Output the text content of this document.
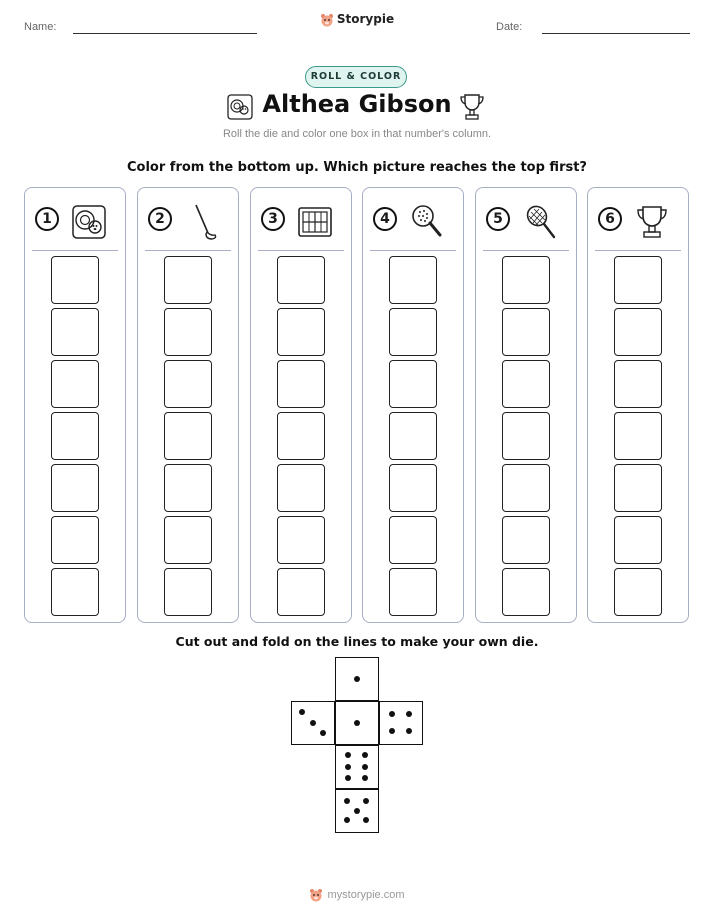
Name:
Storypie
Date:
ROLL & COLOR
Althea Gibson
Roll the die and color one box in that number's column.
Color from the bottom up. Which picture reaches the top first?
1	2	3	4	5	6
Cut out and fold on the lines to make your own die.
mystorypie.com
